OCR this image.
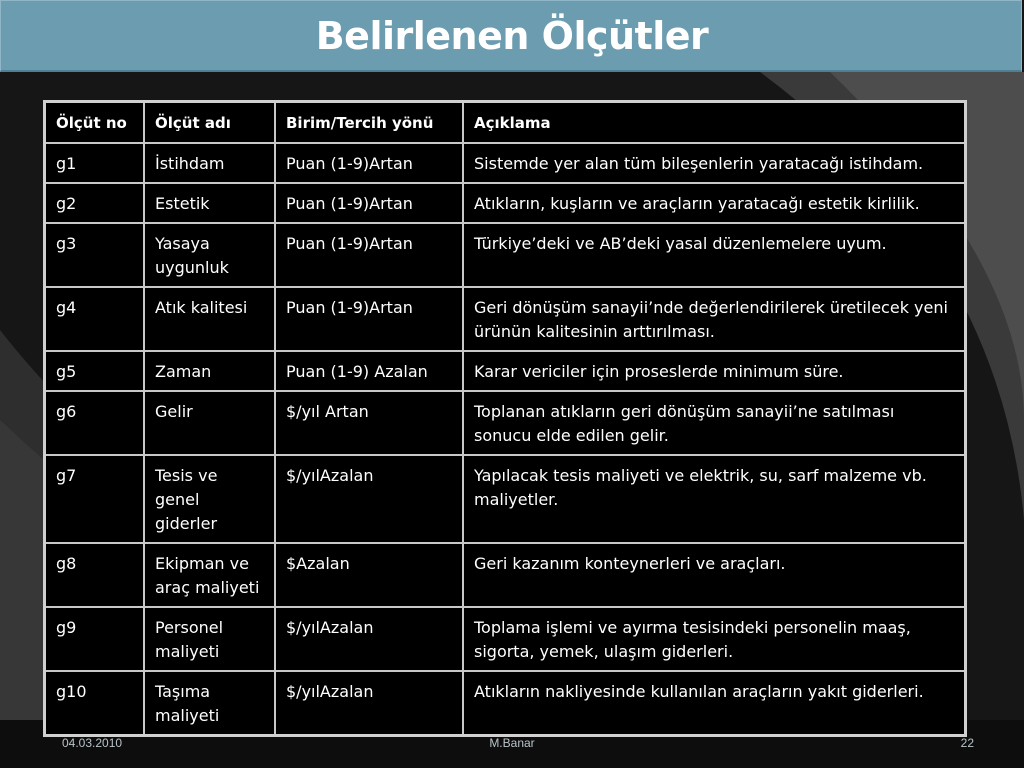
Belirlenen Ölçütler
Ölçüt no	Ölçüt adı	Birim/Tercih yönü	Açıklama
g1	İstihdam	Puan (1-9)Artan	Sistemde yer alan tüm bileşenlerin yaratacağı istihdam.
g2	Estetik	Puan (1-9)Artan	Atıkların, kuşların ve araçların yaratacağı estetik kirlilik.
g3	Yasaya uygunluk	Puan (1-9)Artan	Türkiye’deki ve AB’deki yasal düzenlemelere uyum.
g4	Atık kalitesi	Puan (1-9)Artan	Geri dönüşüm sanayii’nde değerlendirilerek üretilecek yeni ürünün kalitesinin arttırılması.
g5	Zaman	Puan (1-9) Azalan	Karar vericiler için proseslerde minimum süre.
g6	Gelir	$/yıl Artan	Toplanan atıkların geri dönüşüm sanayii’ne satılması sonucu elde edilen gelir.
g7	Tesis ve genel giderler	$/yılAzalan	Yapılacak tesis maliyeti ve elektrik, su, sarf malzeme vb. maliyetler.
g8	Ekipman ve araç maliyeti	$Azalan	Geri kazanım konteynerleri ve araçları.
g9	Personel maliyeti	$/yılAzalan	Toplama işlemi ve ayırma tesisindeki personelin maaş, sigorta, yemek, ulaşım giderleri.
g10	Taşıma maliyeti	$/yılAzalan	Atıkların nakliyesinde kullanılan araçların yakıt giderleri.
04.03.2010	M.Banar	22
